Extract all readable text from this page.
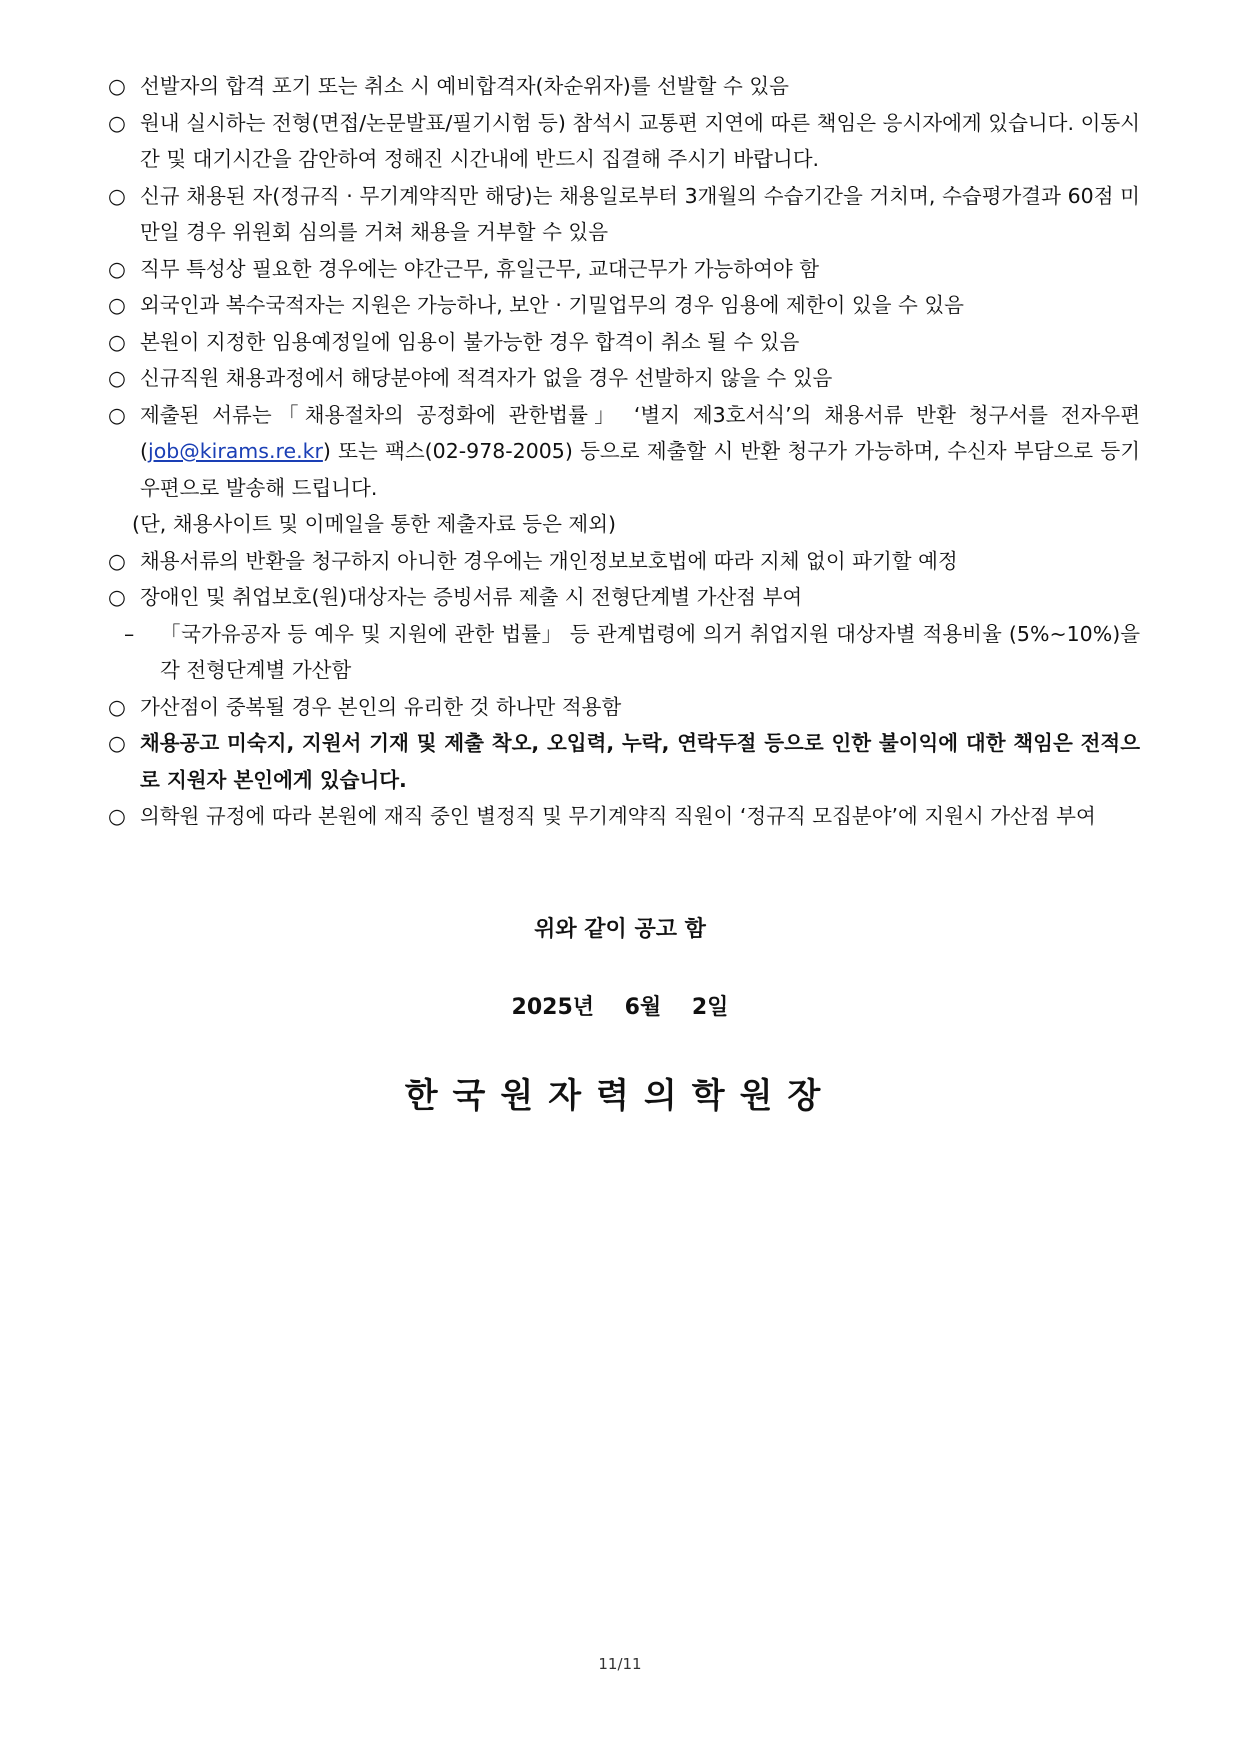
○ 선발자의 합격 포기 또는 취소 시 예비합격자(차순위자)를 선발할 수 있음
○ 원내 실시하는 전형(면접/논문발표/필기시험 등) 참석시 교통편 지연에 따른 책임은 응시자에게 있습니다. 이동시간 및 대기시간을 감안하여 정해진 시간내에 반드시 집결해 주시기 바랍니다.
○ 신규 채용된 자(정규직 · 무기계약직만 해당)는 채용일로부터 3개월의 수습기간을 거치며, 수습평가결과 60점 미만일 경우 위원회 심의를 거쳐 채용을 거부할 수 있음
○ 직무 특성상 필요한 경우에는 야간근무, 휴일근무, 교대근무가 가능하여야 함
○ 외국인과 복수국적자는 지원은 가능하나, 보안 · 기밀업무의 경우 임용에 제한이 있을 수 있음
○ 본원이 지정한 임용예정일에 임용이 불가능한 경우 합격이 취소 될 수 있음
○ 신규직원 채용과정에서 해당분야에 적격자가 없을 경우 선발하지 않을 수 있음
○ 제출된 서류는「채용절차의 공정화에 관한법률」 ‘별지 제3호서식’의 채용서류 반환 청구서를 전자우편 (job@kirams.re.kr) 또는 팩스(02-978-2005) 등으로 제출할 시 반환 청구가 가능하며, 수신자 부담으로 등기우편으로 발송해 드립니다.
(단, 채용사이트 및 이메일을 통한 제출자료 등은 제외)
○ 채용서류의 반환을 청구하지 아니한 경우에는 개인정보보호법에 따라 지체 없이 파기할 예정
○ 장애인 및 취업보호(원)대상자는 증빙서류 제출 시 전형단계별 가산점 부여
–	「국가유공자 등 예우 및 지원에 관한 법률」 등 관계법령에 의거 취업지원 대상자별 적용비율 (5%~10%)을 각 전형단계별 가산함
○ 가산점이 중복될 경우 본인의 유리한 것 하나만 적용함
○ 채용공고 미숙지, 지원서 기재 및 제출 착오, 오입력, 누락, 연락두절 등으로 인한 불이익에 대한 책임은 전적으로 지원자 본인에게 있습니다.
○ 의학원 규정에 따라 본원에 재직 중인 별정직 및 무기계약직 직원이 ‘정규직 모집분야’에 지원시 가산점 부여
위와 같이 공고 함
2025년    6월    2일
한국원자력의학원장
11/11
